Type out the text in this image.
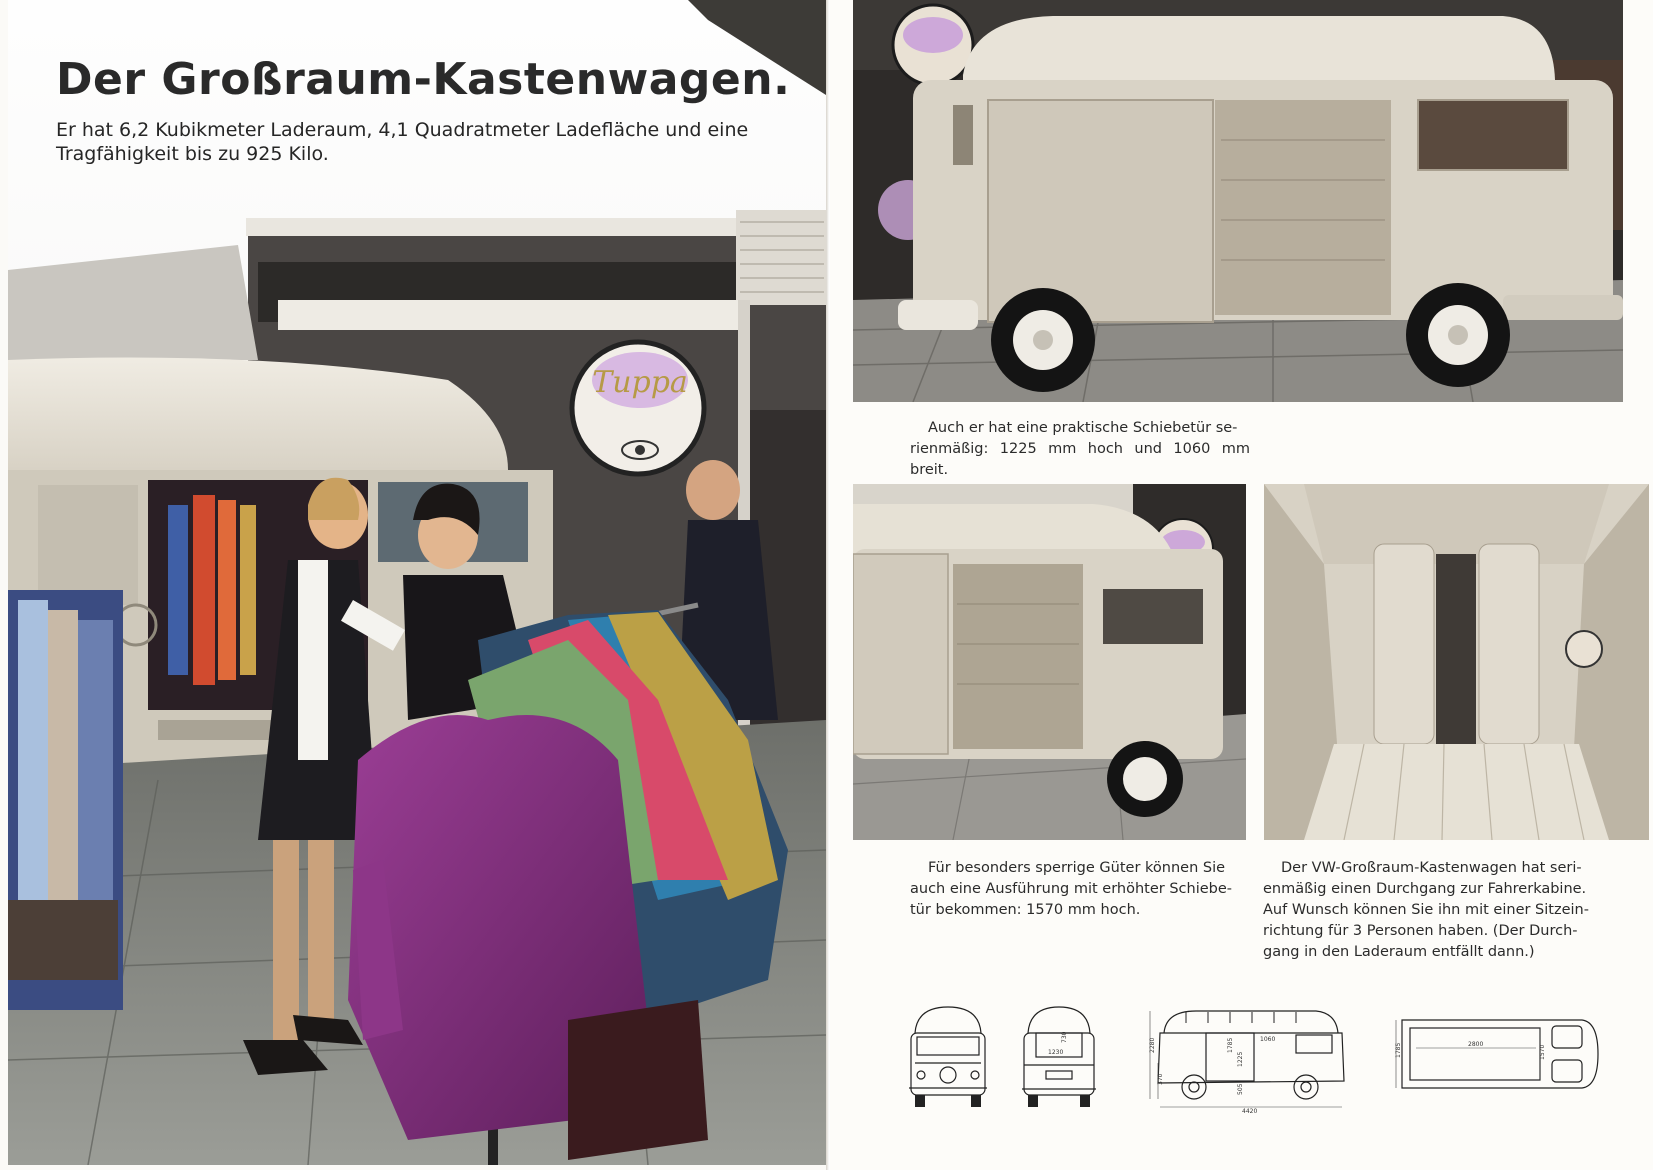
Tuppa
Der Großraum-Kastenwagen.
Er hat 6,2 Kubikmeter Laderaum, 4,1 Quadratmeter Ladefläche und eine
Tragfähigkeit bis zu 925 Kilo.
Auch er hat eine praktische Schiebetür se-
rienmäßig: 1225 mm hoch und 1060 mm breit.
Für besonders sperrige Güter können Sie
auch eine Ausführung mit erhöhter Schiebe-
tür bekommen: 1570 mm hoch.
Der VW-Großraum-Kastenwagen hat seri-
enmäßig einen Durchgang zur Fahrerkabine.
Auf Wunsch können Sie ihn mit einer Sitzein-
richtung für 3 Personen haben. (Der Durch-
gang in den Laderaum entfällt dann.)
1230
730
2280
370
1060
1225
1785
505
4420
1785	2800
1570
